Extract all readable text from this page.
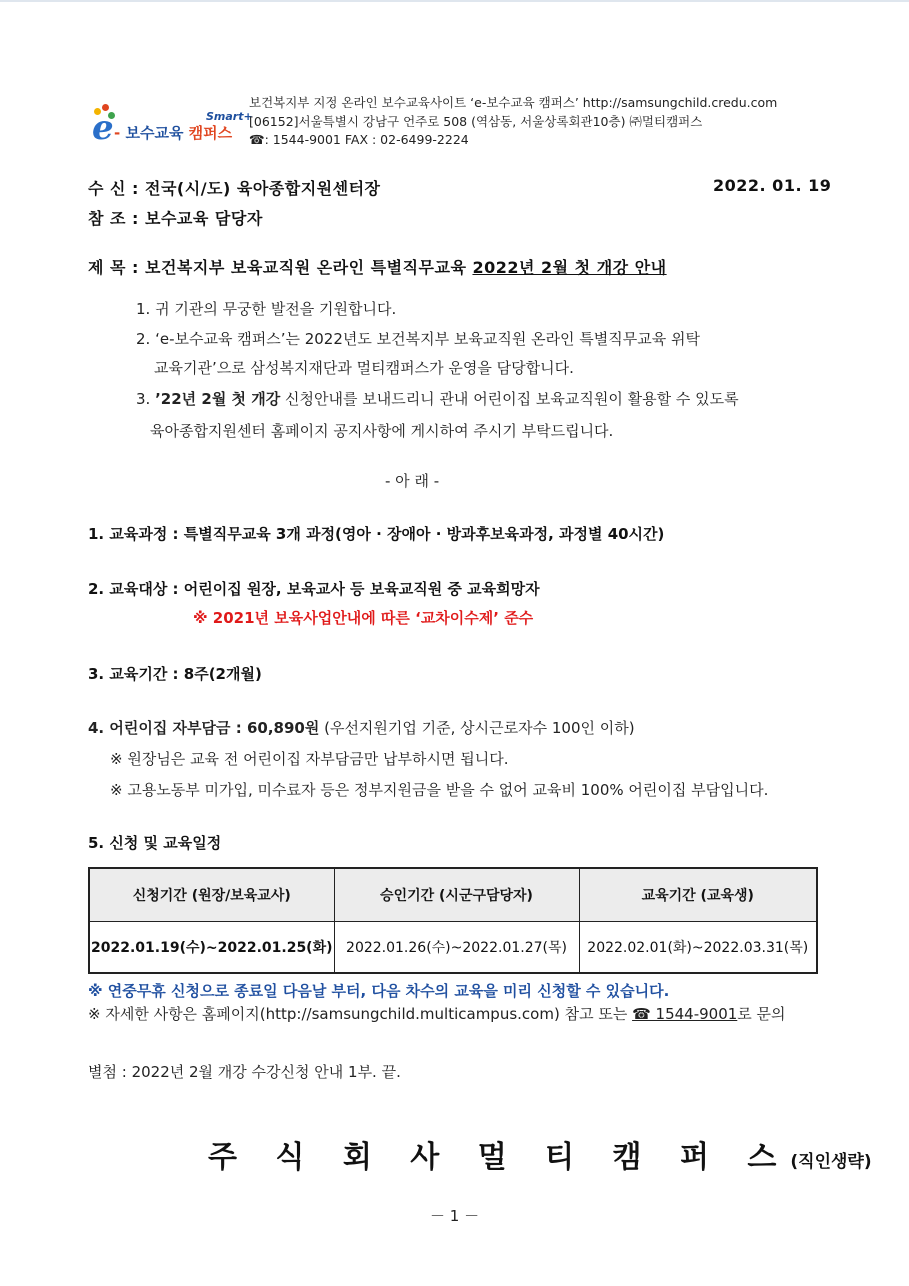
e - 보수교육 캠퍼스
Smart+
보건복지부 지정 온라인 보수교육사이트 ‘e-보수교육 캠퍼스’ http://samsungchild.credu.com
[06152]서울특별시 강남구 언주로 508 (역삼동, 서울상록회관10층) ㈜멀티캠퍼스
☎: 1544-9001 FAX : 02-6499-2224
수 신 : 전국(시/도) 육아종합지원센터장	2022. 01. 19
참 조 : 보수교육 담당자
제 목 : 보건복지부 보육교직원 온라인 특별직무교육 2022년 2월 첫 개강 안내
1. 귀 기관의 무궁한 발전을 기원합니다.
2. ‘e-보수교육 캠퍼스’는 2022년도 보건복지부 보육교직원 온라인 특별직무교육 위탁
교육기관’으로 삼성복지재단과 멀티캠퍼스가 운영을 담당합니다.
3. ’22년 2월 첫 개강 신청안내를 보내드리니 관내 어린이집 보육교직원이 활용할 수 있도록
육아종합지원센터 홈페이지 공지사항에 게시하여 주시기 부탁드립니다.
- 아 래 -
1. 교육과정 : 특별직무교육 3개 과정(영아 · 장애아 · 방과후보육과정, 과정별 40시간)
2. 교육대상 : 어린이집 원장, 보육교사 등 보육교직원 중 교육희망자
※ 2021년 보육사업안내에 따른 ‘교차이수제’ 준수
3. 교육기간 : 8주(2개월)
4. 어린이집 자부담금 : 60,890원 (우선지원기업 기준, 상시근로자수 100인 이하)
※ 원장님은 교육 전 어린이집 자부담금만 납부하시면 됩니다.
※ 고용노동부 미가입, 미수료자 등은 정부지원금을 받을 수 없어 교육비 100% 어린이집 부담입니다.
5. 신청 및 교육일정
신청기간 (원장/보육교사)	승인기간 (시군구담당자)	교육기간 (교육생)
2022.01.19(수)~2022.01.25(화)	2022.01.26(수)~2022.01.27(목)	2022.02.01(화)~2022.03.31(목)
※ 연중무휴 신청으로 종료일 다음날 부터, 다음 차수의 교육을 미리 신청할 수 있습니다.
※ 자세한 사항은 홈페이지(http://samsungchild.multicampus.com) 참고 또는 ☎ 1544-9001로 문의
별첨 : 2022년 2월 개강 수강신청 안내 1부. 끝.
주 식 회 사 멀 티 캠 퍼 스(직인생략)
－ 1 －
